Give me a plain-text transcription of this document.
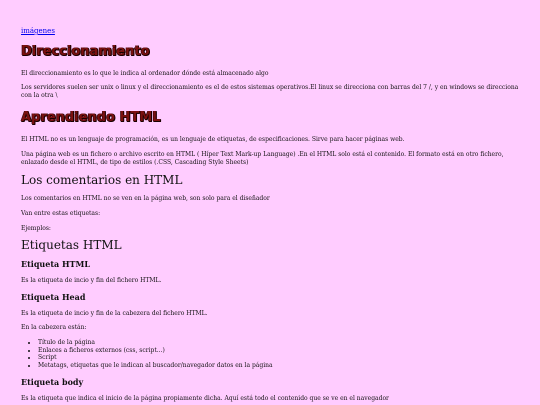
imágenes
Direccionamiento

El direccionamiento es lo que le indica al ordenador dónde está almacenado algo

Los servidores suelen ser unix o linux y el direccionamiento es el de estos sistemas operativos.El linux se direcciona con barras del 7 /, y en windows se direcciona con la otra \

Aprendiendo HTML

El HTML no es un lenguaje de programación, es un lenguaje de etiquetas, de especificaciones. Sirve para hacer páginas web.

Una página web es un fichero o archivo escrito en HTML ( Híper Text Mark-up Language) .En el HTML solo está el contenido. El formato está en otro fichero, enlazado desde el HTML, de tipo de estilos (.CSS, Cascading Style Sheets)

Los comentarios en HTML

Los comentarios en HTML no se ven en la página web, son solo para el diseñador

Van entre estas etiquetas:

Ejemplos:

Etiquetas HTML
Etiqueta HTML

Es la etiqueta de incio y fin del fichero HTML.

Etiqueta Head

Es la etiqueta de incio y fin de la cabezera del fichero HTML.

En la cabezera están:

• Título de la página
• Enlaces a ficheros externos (css, script...)
• Script
• Metatags, etiquetas que le indican al buscador/navegador datos en la página
Etiqueta body

Es la etiqueta que indica el inicio de la página propiamente dicha. Aquí está todo el contenido que se ve en el navegador
